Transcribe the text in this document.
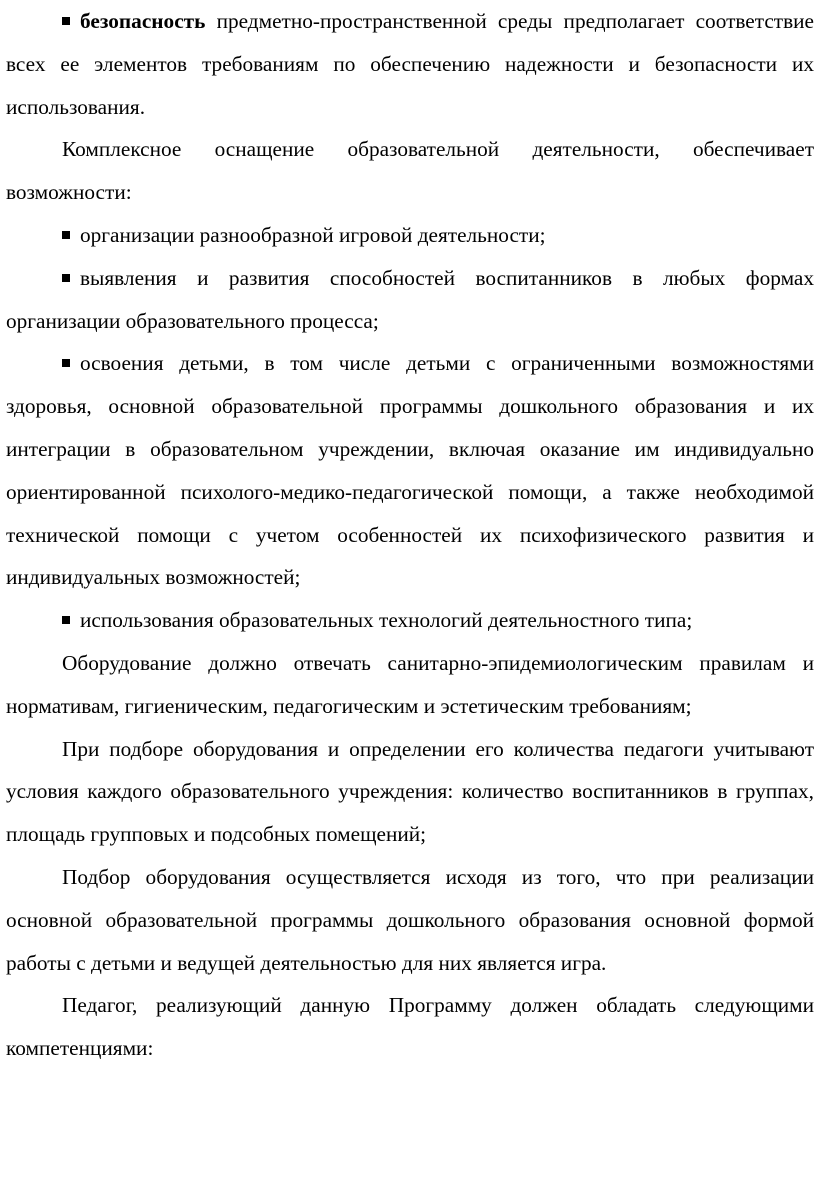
безопасность предметно-пространственной среды предполагает соответствие всех ее элементов требованиям по обеспечению надежности и безопасности их использования.

Комплексное оснащение образовательной деятельности, обеспечивает возможности:

организации разнообразной игровой деятельности;

выявления и развития способностей воспитанников в любых формах организации образовательного процесса;

освоения детьми, в том числе детьми с ограниченными возможностями здоровья, основной образовательной программы дошкольного образования и их интеграции в образовательном учреждении, включая оказание им индивидуально ориентированной психолого-медико-педагогической помощи, а также необходимой технической помощи с учетом особенностей их психофизического развития и индивидуальных возможностей;

использования образовательных технологий деятельностного типа;

Оборудование должно отвечать санитарно-эпидемиологическим правилам и нормативам, гигиеническим, педагогическим и эстетическим требованиям;

При подборе оборудования и определении его количества педагоги учитывают условия каждого образовательного учреждения: количество воспитанников в группах, площадь групповых и подсобных помещений;

Подбор оборудования осуществляется исходя из того, что при реализации основной образовательной программы дошкольного образования основной формой работы с детьми и ведущей деятельностью для них является игра.

Педагог, реализующий данную Программу должен обладать следующими компетенциями:
